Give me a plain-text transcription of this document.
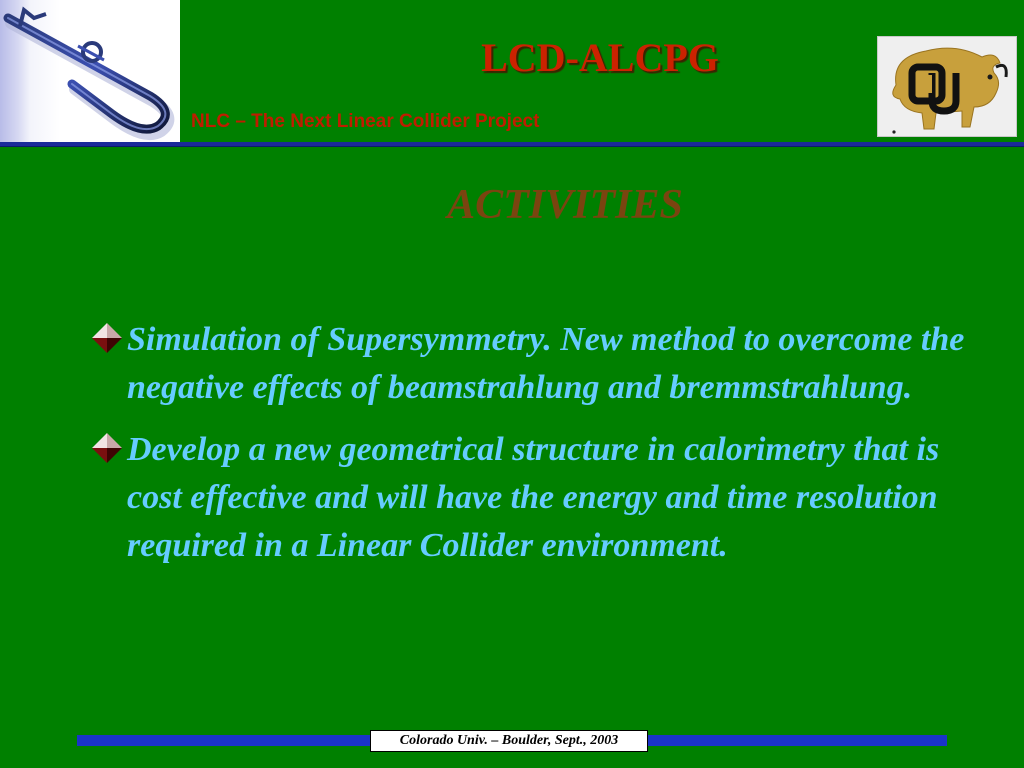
LCD-ALCPG

NLC – The Next Linear Collider Project

ACTIVITIES
Simulation of Supersymmetry. New method to overcome the negative effects of beamstrahlung and bremmstrahlung.
Develop a new geometrical structure in calorimetry that is cost effective and will have the energy and time resolution required in a Linear Collider environment.

Colorado Univ. – Boulder, Sept., 2003
